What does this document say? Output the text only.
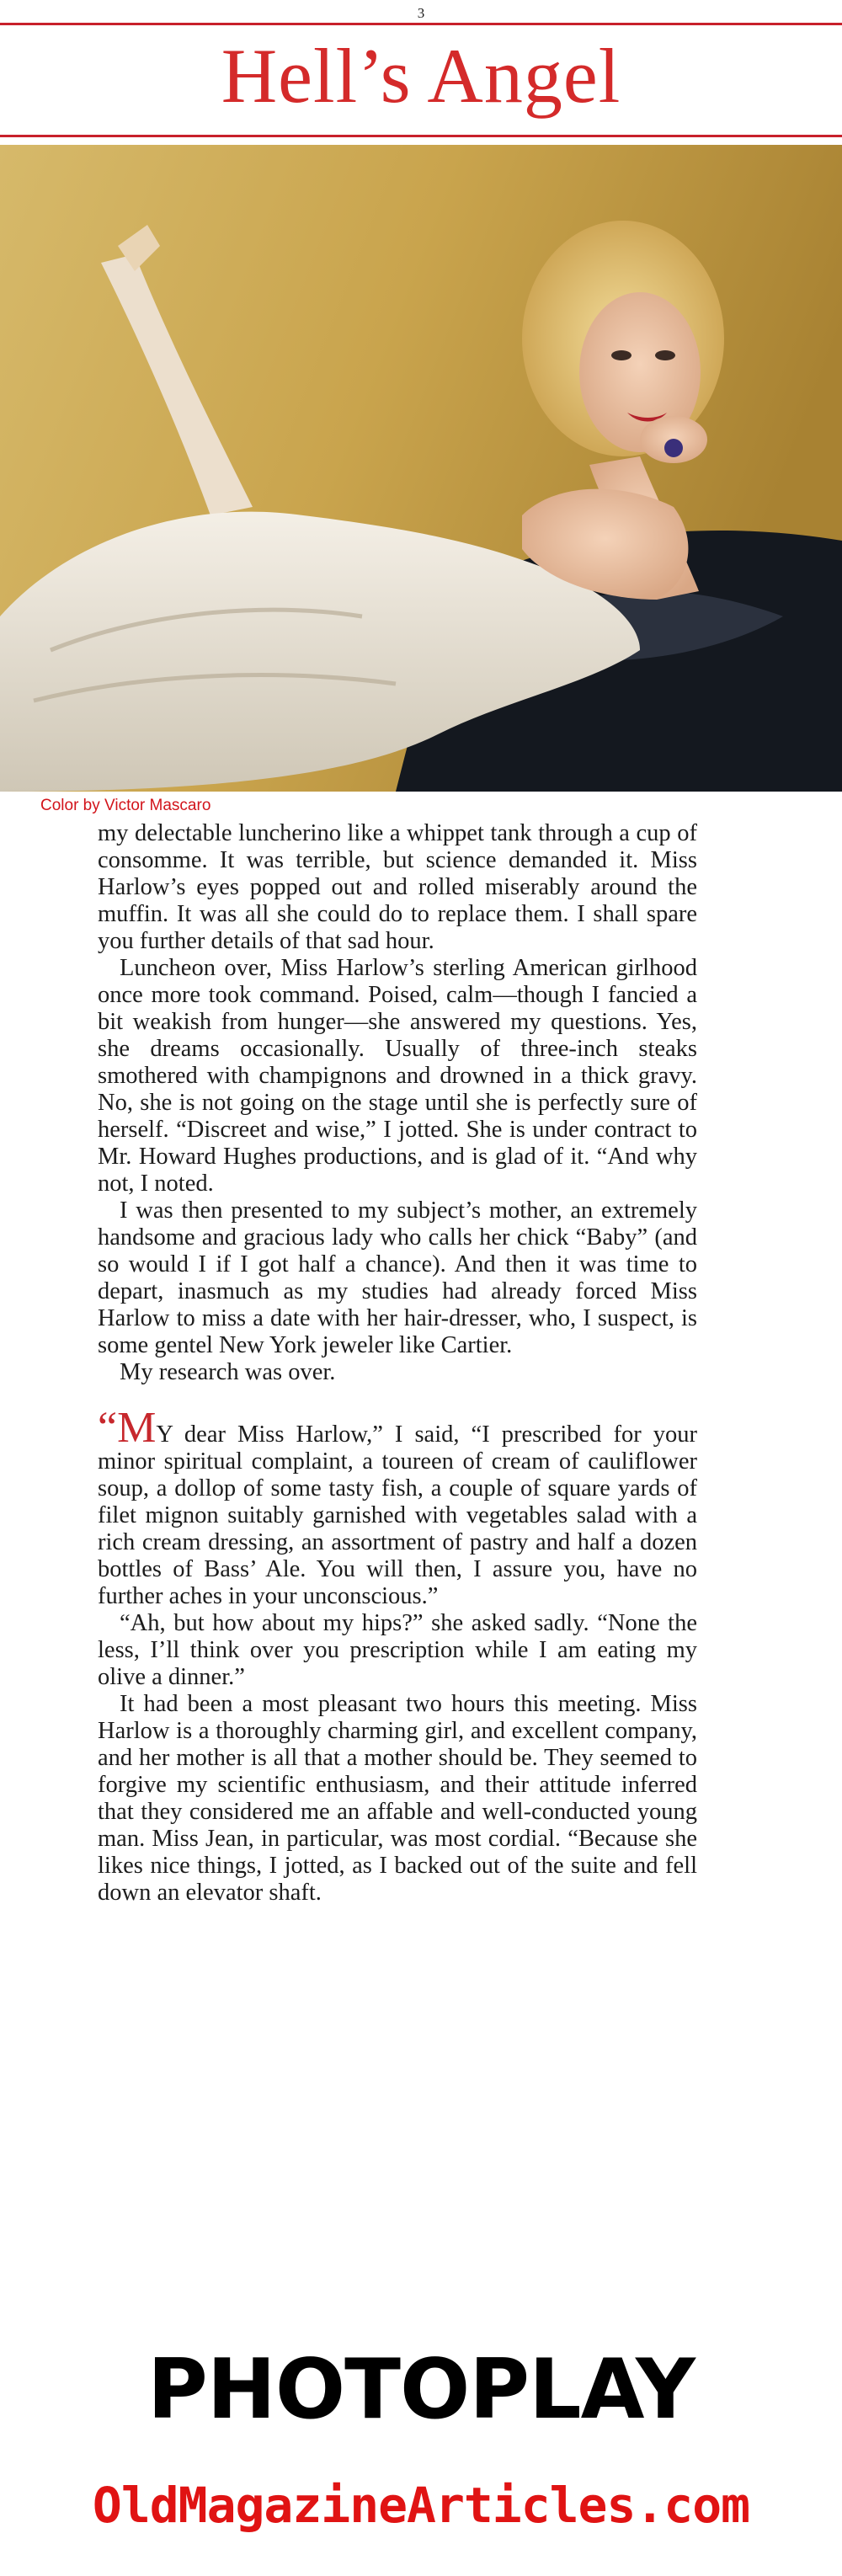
3
Hell’s Angel
Color by Victor Mascaro

my delectable luncherino like a whippet tank through a cup of consomme. It was terrible, but science demanded it. Miss Harlow’s eyes popped out and rolled miserably around the muffin. It was all she could do to replace them. I shall spare you further details of that sad hour.

Luncheon over, Miss Harlow’s sterling American girlhood once more took command. Poised, calm—though I fancied a bit weakish from hunger—she answered my questions. Yes, she dreams occasionally. Usually of three-inch steaks smothered with champignons and drowned in a thick gravy. No, she is not going on the stage until she is perfectly sure of herself. “Discreet and wise,” I jotted. She is under contract to Mr. Howard Hughes productions, and is glad of it. “And why not, I noted.

I was then presented to my subject’s mother, an extremely handsome and gracious lady who calls her chick “Baby” (and so would I if I got half a chance). And then it was time to depart, inasmuch as my studies had already forced Miss Harlow to miss a date with her hair-dresser, who, I suspect, is some gentel New York jeweler like Cartier.

My research was over.

“MY dear Miss Harlow,” I said, “I prescribed for your minor spiritual complaint, a toureen of cream of cauliflower soup, a dollop of some tasty fish, a couple of square yards of filet mignon suitably garnished with vegetables salad with a rich cream dressing, an assortment of pastry and half a dozen bottles of Bass’ Ale. You will then, I assure you, have no further aches in your unconscious.”

“Ah, but how about my hips?” she asked sadly. “None the less, I’ll think over you prescription while I am eating my olive a dinner.”

It had been a most pleasant two hours this meeting. Miss Harlow is a thoroughly charming girl, and excellent company, and her mother is all that a mother should be. They seemed to forgive my scientific enthusiasm, and their attitude inferred that they considered me an affable and well-conducted young man. Miss Jean, in particular, was most cordial. “Because she likes nice things, I jotted, as I backed out of the suite and fell down an elevator shaft.

PHOTOPLAY
OldMagazineArticles.com
